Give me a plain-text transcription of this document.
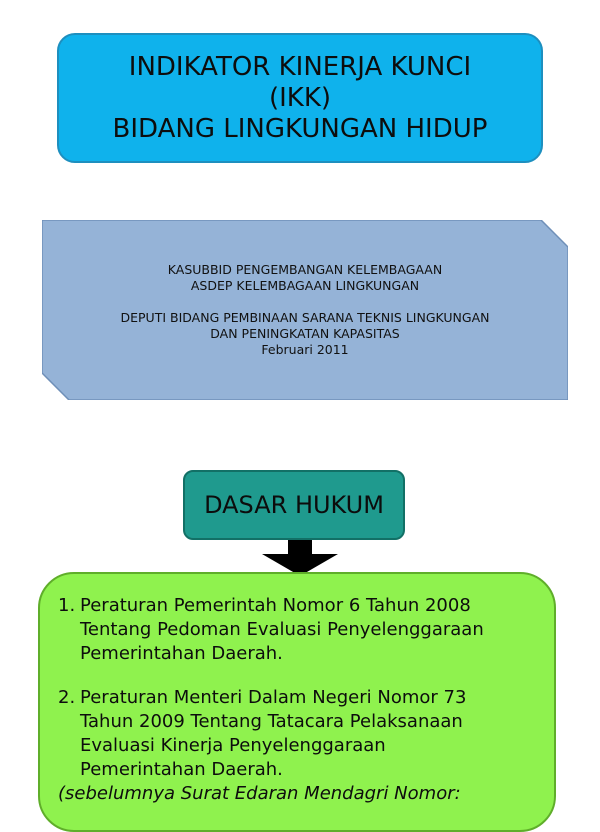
INDIKATOR KINERJA KUNCI
(IKK)
BIDANG LINGKUNGAN HIDUP
KASUBBID PENGEMBANGAN KELEMBAGAAN
ASDEP KELEMBAGAAN LINGKUNGAN
DEPUTI BIDANG PEMBINAAN SARANA TEKNIS LINGKUNGAN
DAN PENINGKATAN KAPASITAS
Februari 2011
DASAR HUKUM
1. Peraturan Pemerintah Nomor 6 Tahun 2008
Tentang Pedoman Evaluasi Penyelenggaraan
Pemerintahan Daerah.
2. Peraturan Menteri Dalam Negeri Nomor 73
Tahun 2009 Tentang Tatacara Pelaksanaan
Evaluasi Kinerja Penyelenggaraan
Pemerintahan Daerah.
(sebelumnya Surat Edaran Mendagri Nomor:
